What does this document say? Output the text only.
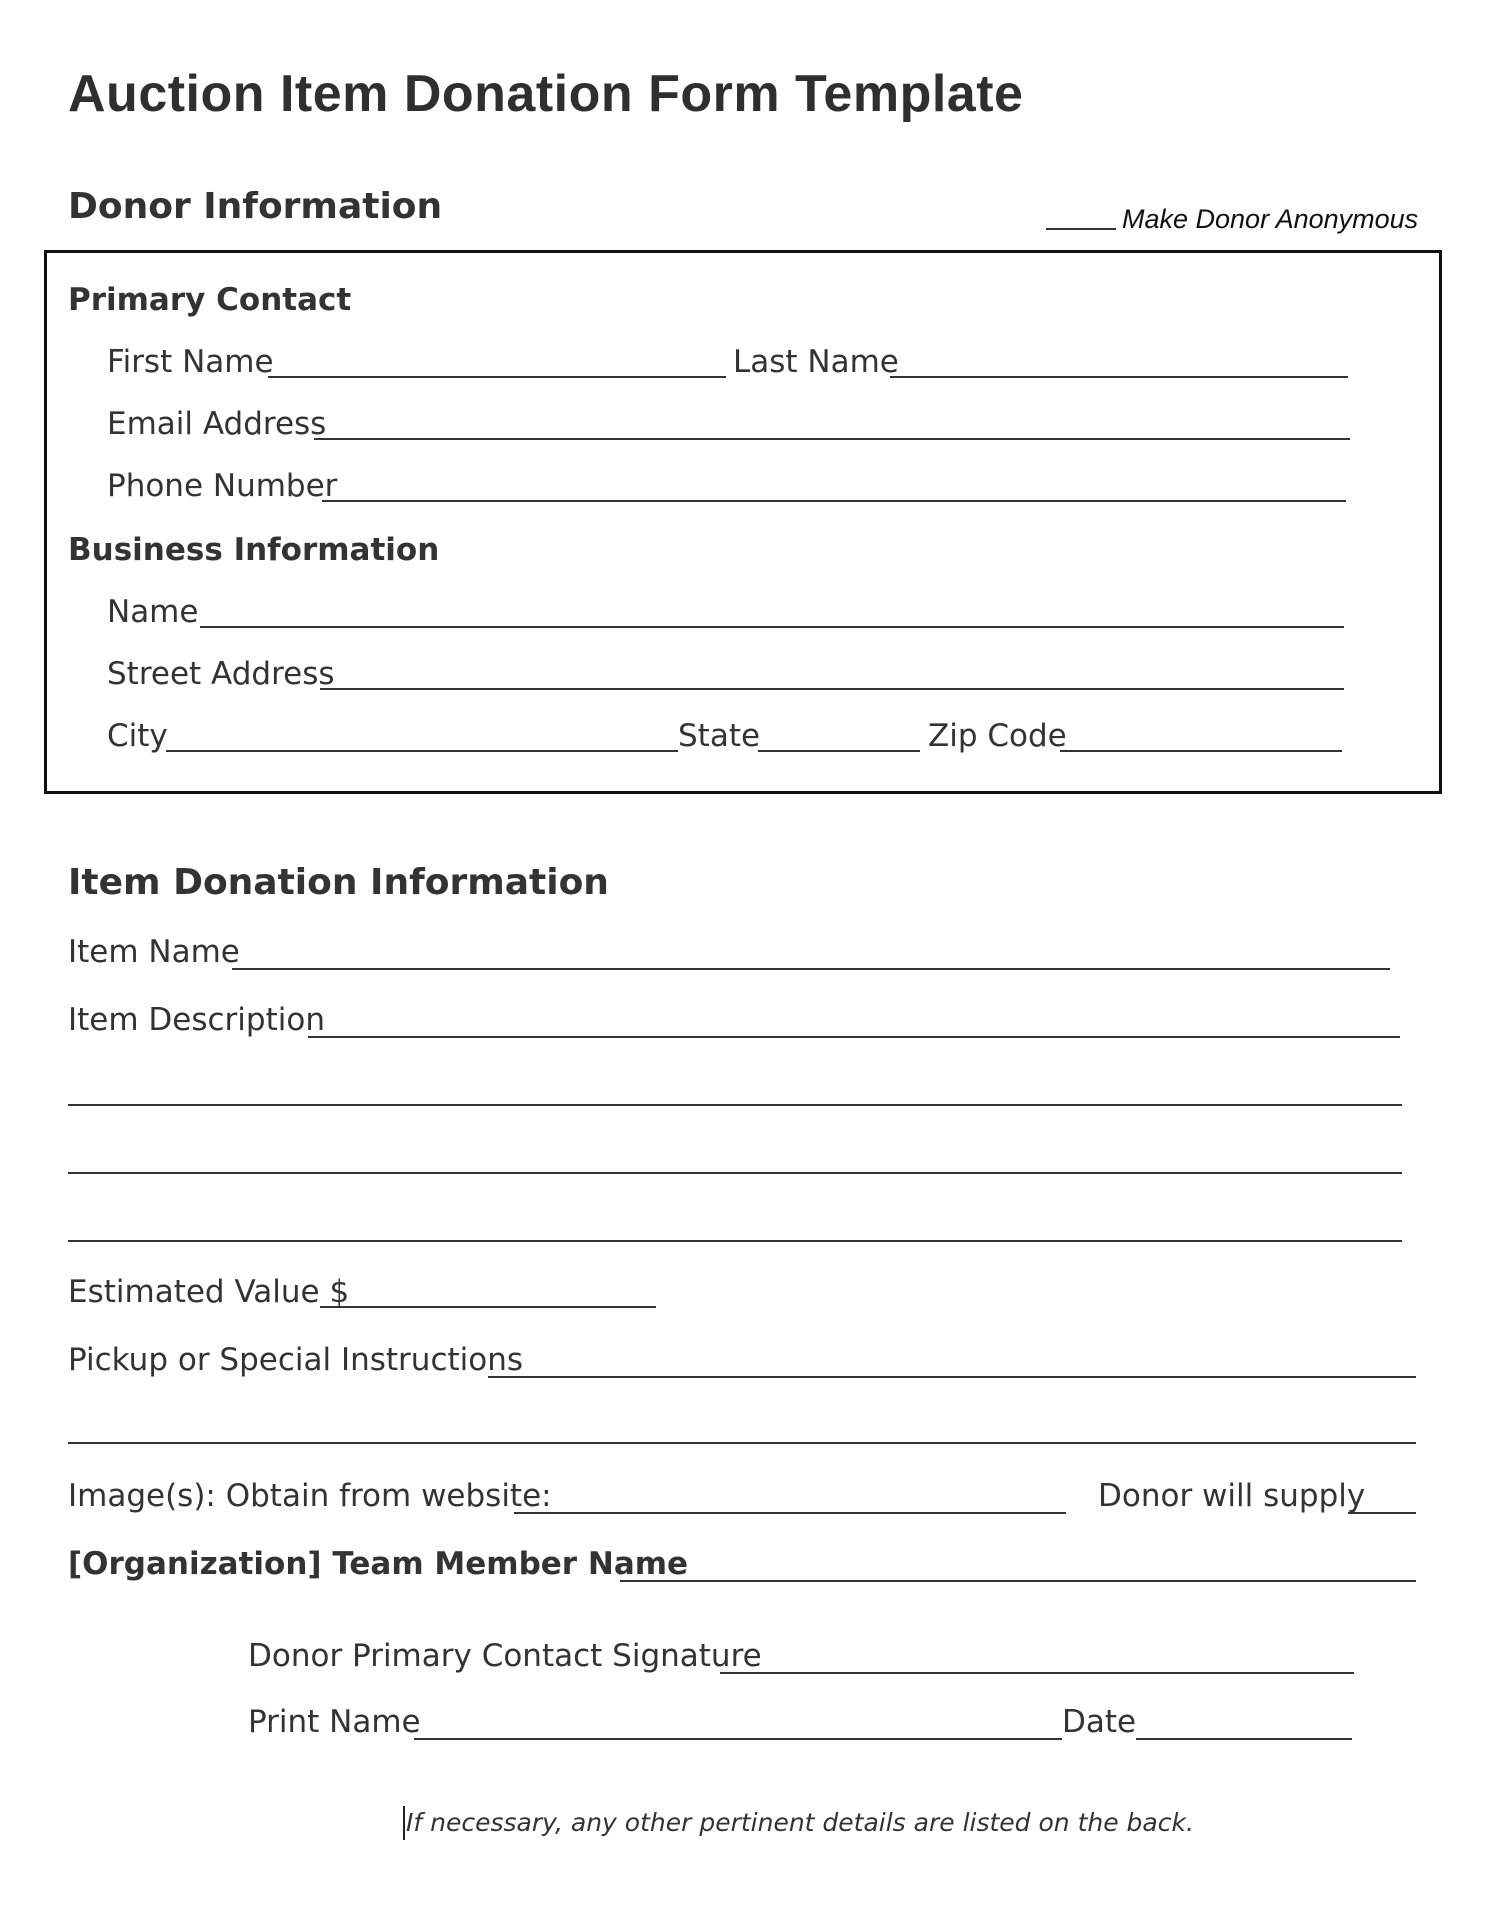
Auction Item Donation Form Template
Donor Information	Make Donor Anonymous
Primary Contact
First Name	Last Name
Email Address
Phone Number
Business Information
Name
Street Address
City	State	Zip Code
Item Donation Information
Item Name
Item Description
Estimated Value $
Pickup or Special Instructions
Image(s): Obtain from website:	Donor will supply
[Organization] Team Member Name
Donor Primary Contact Signature
Print Name	Date
If necessary, any other pertinent details are listed on the back.
